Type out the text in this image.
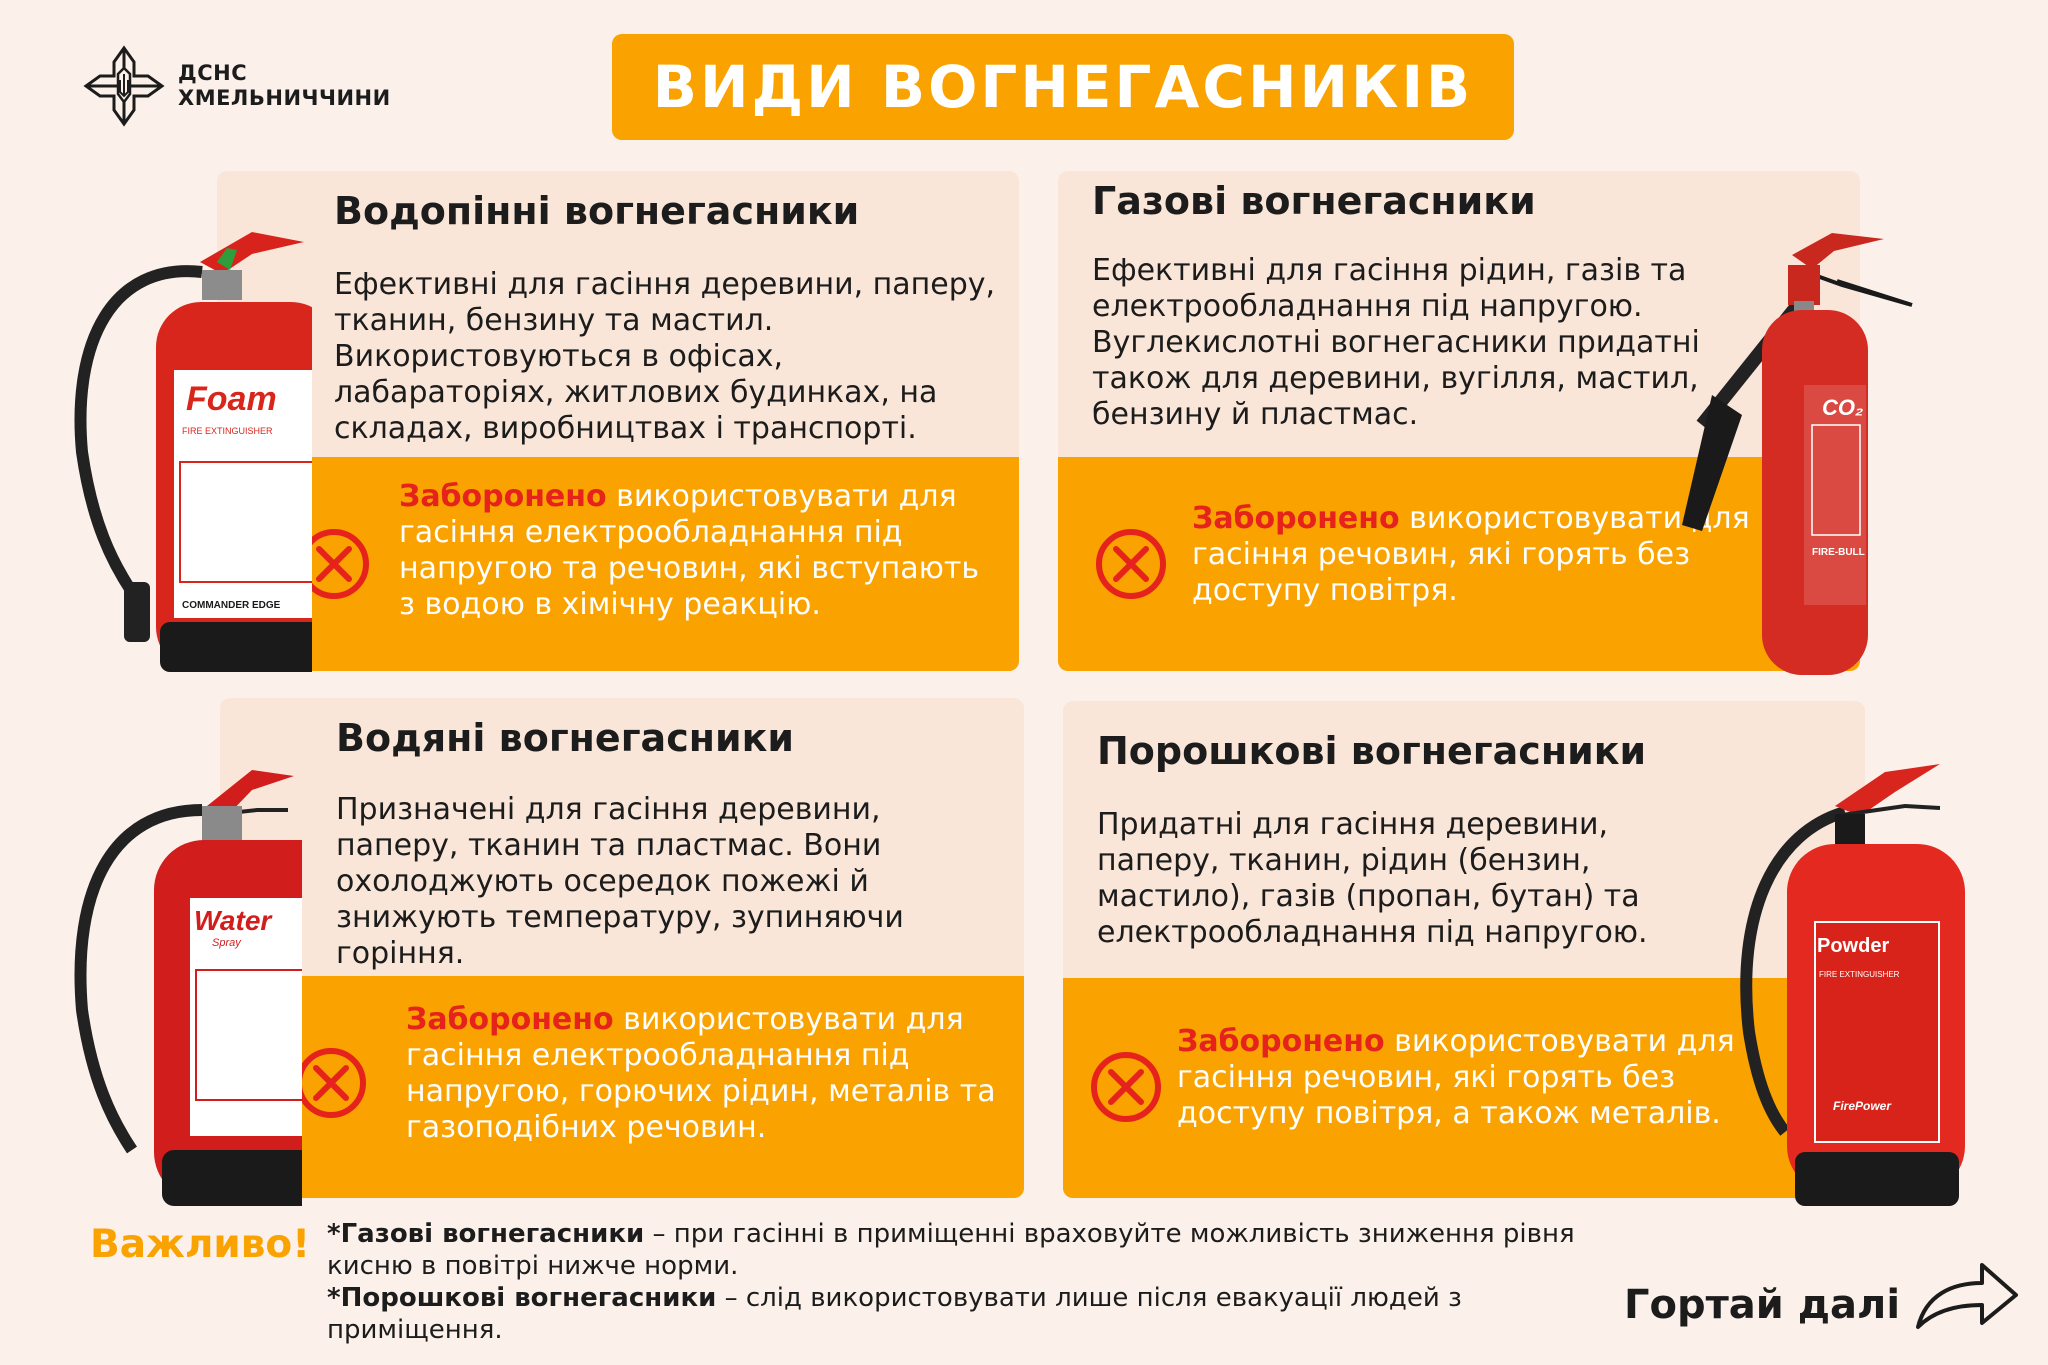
ДСНС
ХМЕЛЬНИЧЧИНИ	ВИДИ ВОГНЕГАСНИКІВ
Водопінні вогнегасники
Ефективні для гасіння деревини, паперу, тканин, бензину та мастил. Використовуються в офісах, лабараторіях, житлових будинках, на складах, виробництвах і транспорті.
Заборонено використовувати для гасіння електрообладнання під напругою та речовин, які вступають з водою в хімічну реакцію.
Газові вогнегасники
Ефективні для гасіння рідин, газів та електрообладнання під напругою. Вуглекислотні вогнегасники придатні також для деревини, вугілля, мастил, бензину й пластмас.
Заборонено використовувати для гасіння речовин, які горять без доступу повітря.
Водяні вогнегасники
Призначені для гасіння деревини, паперу, тканин та пластмас. Вони охолоджують осередок пожежі й знижують температуру, зупиняючи горіння.
Заборонено використовувати для гасіння електрообладнання під напругою, горючих рідин, металів та газоподібних речовин.
Порошкові вогнегасники
Придатні для гасіння деревини, паперу, тканин, рідин (бензин, мастило), газів (пропан, бутан) та електрообладнання під напругою.
Заборонено використовувати для гасіння речовин, які горять без доступу повітря, а також металів.
Foam
FIRE EXTINGUISHER
COMMANDER EDGE
CO₂
FIRE-BULL
Water
Spray	Powder
FIRE EXTINGUISHER
FirePower
Важливо! *Газові вогнегасники – при гасінні в приміщенні враховуйте можливість зниження рівня кисню в повітрі нижче норми.

*Порошкові вогнегасники – слід використовувати лише після евакуації людей з приміщення.

Гортай далі
